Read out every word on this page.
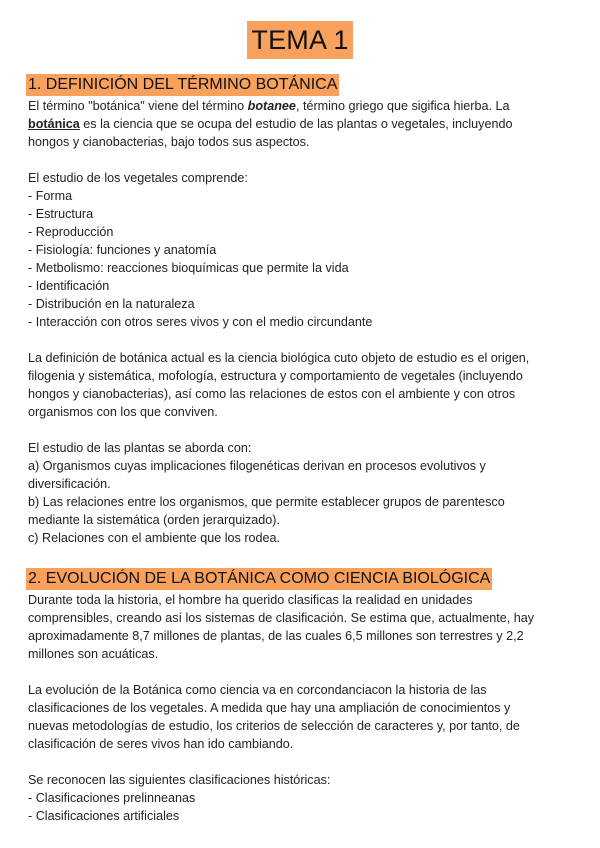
TEMA 1
1. DEFINICIÓN DEL TÉRMINO BOTÁNICA

El término "botánica" viene del término botanee, término griego que sigifica hierba. La

botánica es la ciencia que se ocupa del estudio de las plantas o vegetales, incluyendo

hongos y cianobacterias, bajo todos sus aspectos.

El estudio de los vegetales comprende:

- Forma

- Estructura

- Reproducción

- Fisiología: funciones y anatomía

- Metbolismo: reacciones bioquímicas que permite la vida

- Identificación

- Distribución en la naturaleza

- Interacción con otros seres vivos y con el medio circundante

La definición de botánica actual es la ciencia biológica cuto objeto de estudio es el origen,

filogenia y sistemática, mofología, estructura y comportamiento de vegetales (incluyendo

hongos y cianobacterias), así como las relaciones de estos con el ambiente y con otros

organismos con los que conviven.

El estudio de las plantas se aborda con:

a) Organismos cuyas implicaciones filogenéticas derivan en procesos evolutivos y

diversificación.

b) Las relaciones entre los organismos, que permite establecer grupos de parentesco

mediante la sistemática (orden jerarquizado).

c) Relaciones con el ambiente que los rodea.

2. EVOLUCIÓN DE LA BOTÁNICA COMO CIENCIA BIOLÓGICA

Durante toda la historia, el hombre ha querido clasificas la realidad en unidades

comprensibles, creando así los sistemas de clasificación. Se estima que, actualmente, hay

aproximadamente 8,7 millones de plantas, de las cuales 6,5 millones son terrestres y 2,2

millones son acuáticas.

La evolución de la Botánica como ciencia va en corcondanciacon la historia de las

clasificaciones de los vegetales. A medida que hay una ampliación de conocimientos y

nuevas metodologías de estudio, los criterios de selección de caracteres y, por tanto, de

clasificación de seres vivos han ido cambiando.

Se reconocen las siguientes clasificaciones históricas:

- Clasificaciones prelinneanas

- Clasificaciones artificiales
